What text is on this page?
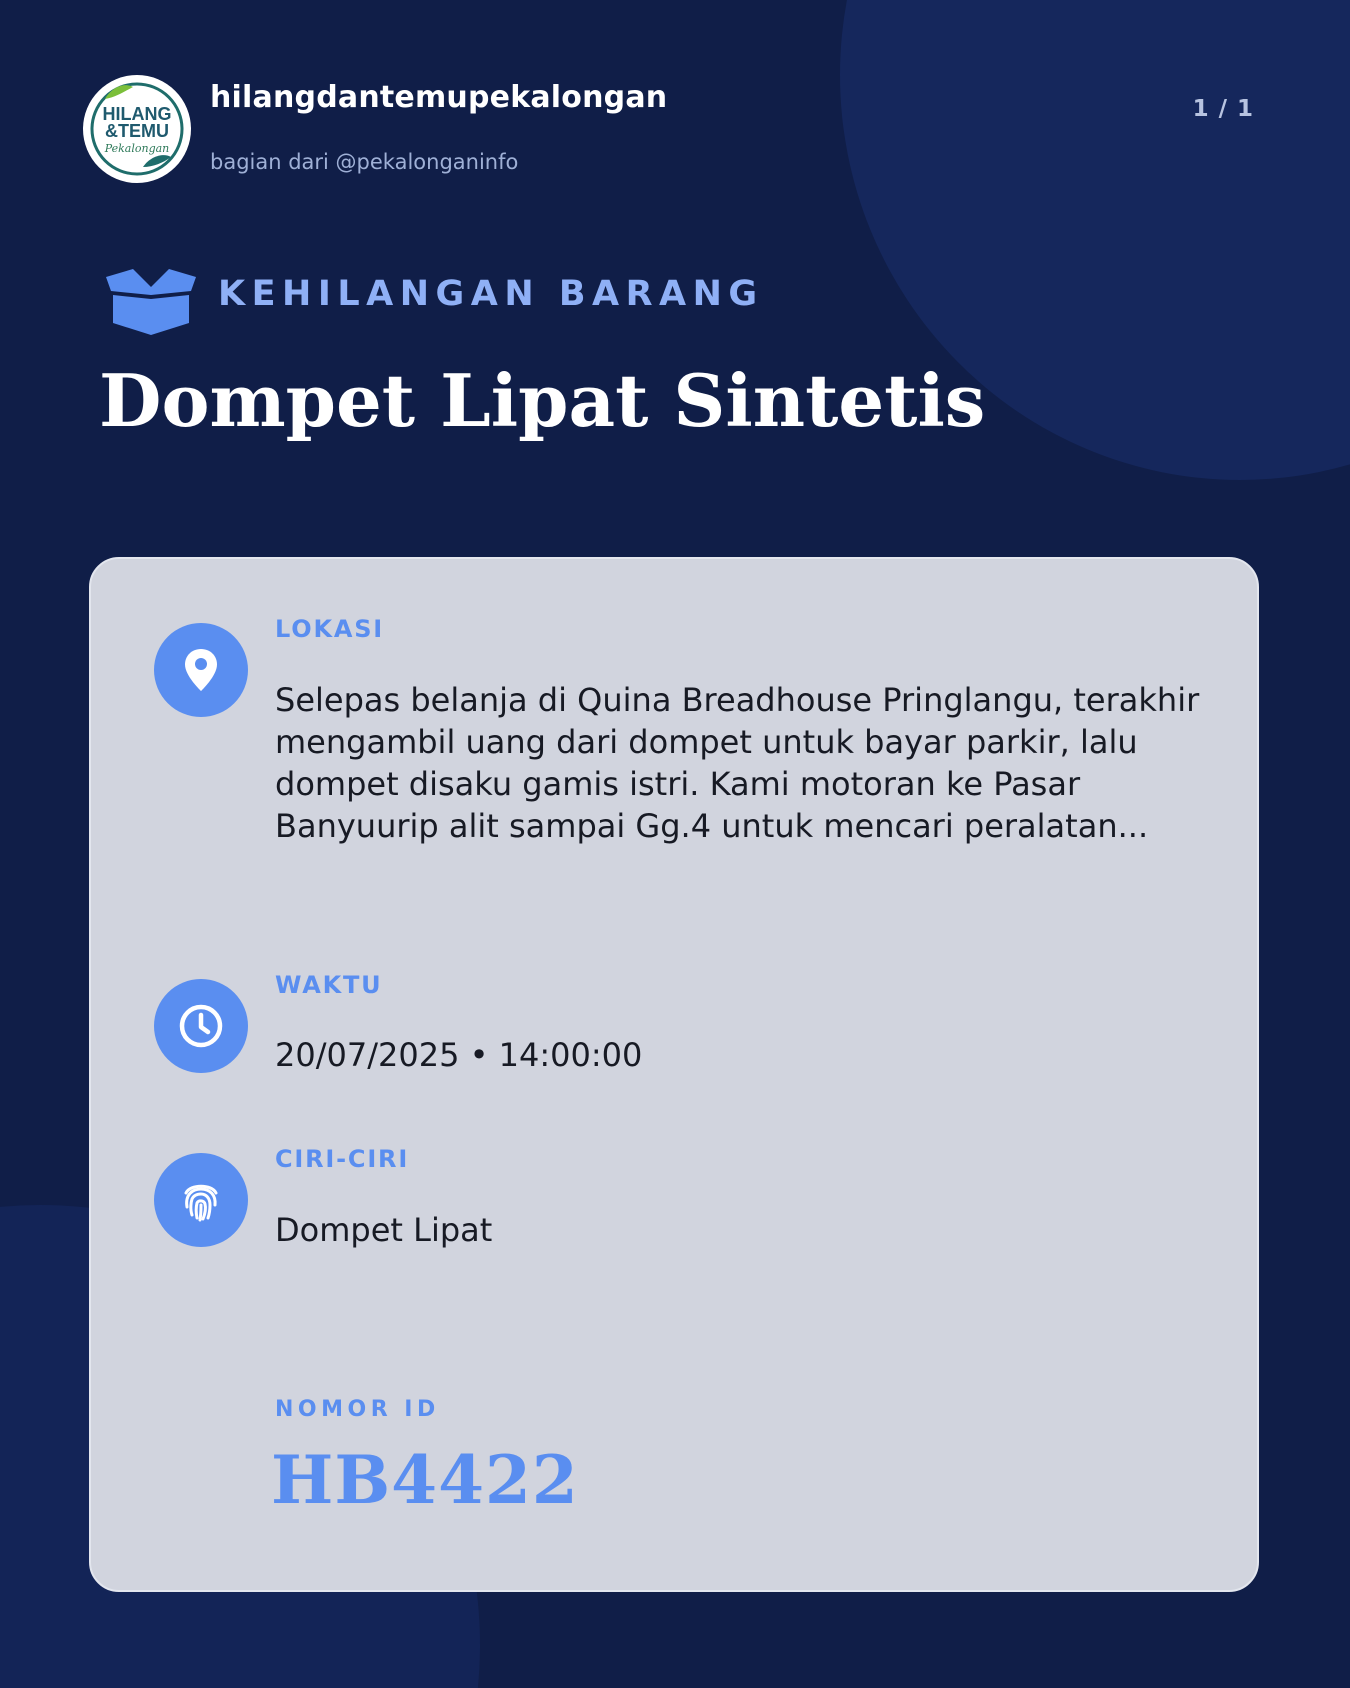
HILANG
&TEMU
Pekalongan
hilangdantemupekalongan
bagian dari @pekalonganinfo
1 / 1
KEHILANGAN BARANG
Dompet Lipat Sintetis
LOKASI
Selepas belanja di Quina Breadhouse Pringlangu, terakhir mengambil uang dari dompet untuk bayar parkir, lalu dompet disaku gamis istri. Kami motoran ke Pasar Banyuurip alit sampai Gg.4 untuk mencari peralatan...
WAKTU
20/07/2025 • 14:00:00
CIRI-CIRI
Dompet Lipat
NOMOR ID
HB4422
